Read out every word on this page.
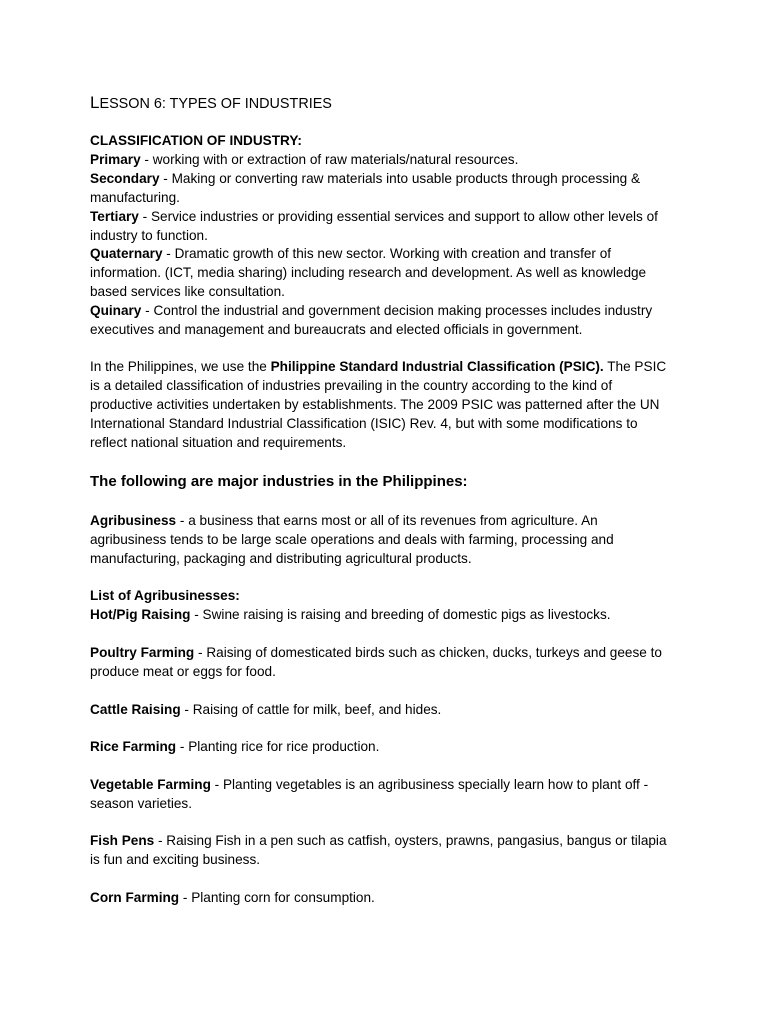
LESSON 6: TYPES OF INDUSTRIES
CLASSIFICATION OF INDUSTRY:
Primary - working with or extraction of raw materials/natural resources.
Secondary - Making or converting raw materials into usable products through processing &
manufacturing.
Tertiary - Service industries or providing essential services and support to allow other levels of
industry to function.
Quaternary - Dramatic growth of this new sector. Working with creation and transfer of
information. (ICT, media sharing) including research and development. As well as knowledge
based services like consultation.
Quinary - Control the industrial and government decision making processes includes industry
executives and management and bureaucrats and elected officials in government.
In the Philippines, we use the Philippine Standard Industrial Classification (PSIC). The PSIC
is a detailed classification of industries prevailing in the country according to the kind of
productive activities undertaken by establishments. The 2009 PSIC was patterned after the UN
International Standard Industrial Classification (ISIC) Rev. 4, but with some modifications to
reflect national situation and requirements.
The following are major industries in the Philippines:
Agribusiness - a business that earns most or all of its revenues from agriculture. An
agribusiness tends to be large scale operations and deals with farming, processing and
manufacturing, packaging and distributing agricultural products.
List of Agribusinesses:
Hot/Pig Raising - Swine raising is raising and breeding of domestic pigs as livestocks.
Poultry Farming - Raising of domesticated birds such as chicken, ducks, turkeys and geese to
produce meat or eggs for food.
Cattle Raising - Raising of cattle for milk, beef, and hides.
Rice Farming - Planting rice for rice production.
Vegetable Farming - Planting vegetables is an agribusiness specially learn how to plant off -
season varieties.
Fish Pens - Raising Fish in a pen such as catfish, oysters, prawns, pangasius, bangus or tilapia
is fun and exciting business.
Corn Farming - Planting corn for consumption.
